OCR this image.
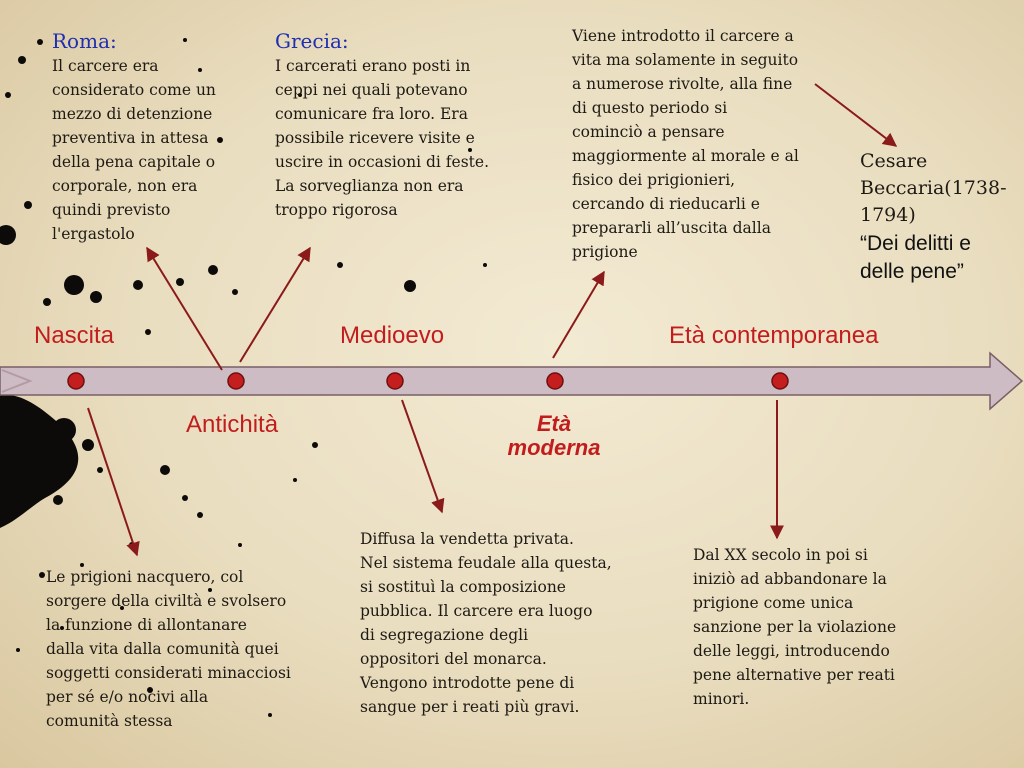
Nascita
Antichità
Medioevo
Età
moderna
Età contemporanea
Roma:
Il carcere era
considerato come un
mezzo di detenzione
preventiva in attesa
della pena capitale o
corporale, non era
quindi previsto
l'ergastolo
Grecia:
I carcerati erano posti in
ceppi nei quali potevano
comunicare fra loro. Era
possibile ricevere visite e
uscire in occasioni di feste.
La sorveglianza non era
troppo rigorosa
Viene introdotto il carcere a
vita ma solamente in seguito
a numerose rivolte, alla fine
di questo periodo si
cominciò a pensare
maggiormente al morale e al
fisico dei prigionieri,
cercando di rieducarli e
prepararli all’uscita dalla
prigione
Cesare
Beccaria(1738-
1794)
“Dei delitti e
delle pene”
Le prigioni nacquero, col
sorgere della civiltà e svolsero
la funzione di allontanare
dalla vita dalla comunità quei
soggetti considerati minacciosi
per sé e/o nocivi alla
comunità stessa
Diffusa la vendetta privata.
Nel sistema feudale alla questa,
si sostituì la composizione
pubblica. Il carcere era luogo
di segregazione degli
oppositori del monarca.
Vengono introdotte pene di
sangue per i reati più gravi.
Dal XX secolo in poi si
iniziò ad abbandonare la
prigione come unica
sanzione per la violazione
delle leggi, introducendo
pene alternative per reati
minori.
